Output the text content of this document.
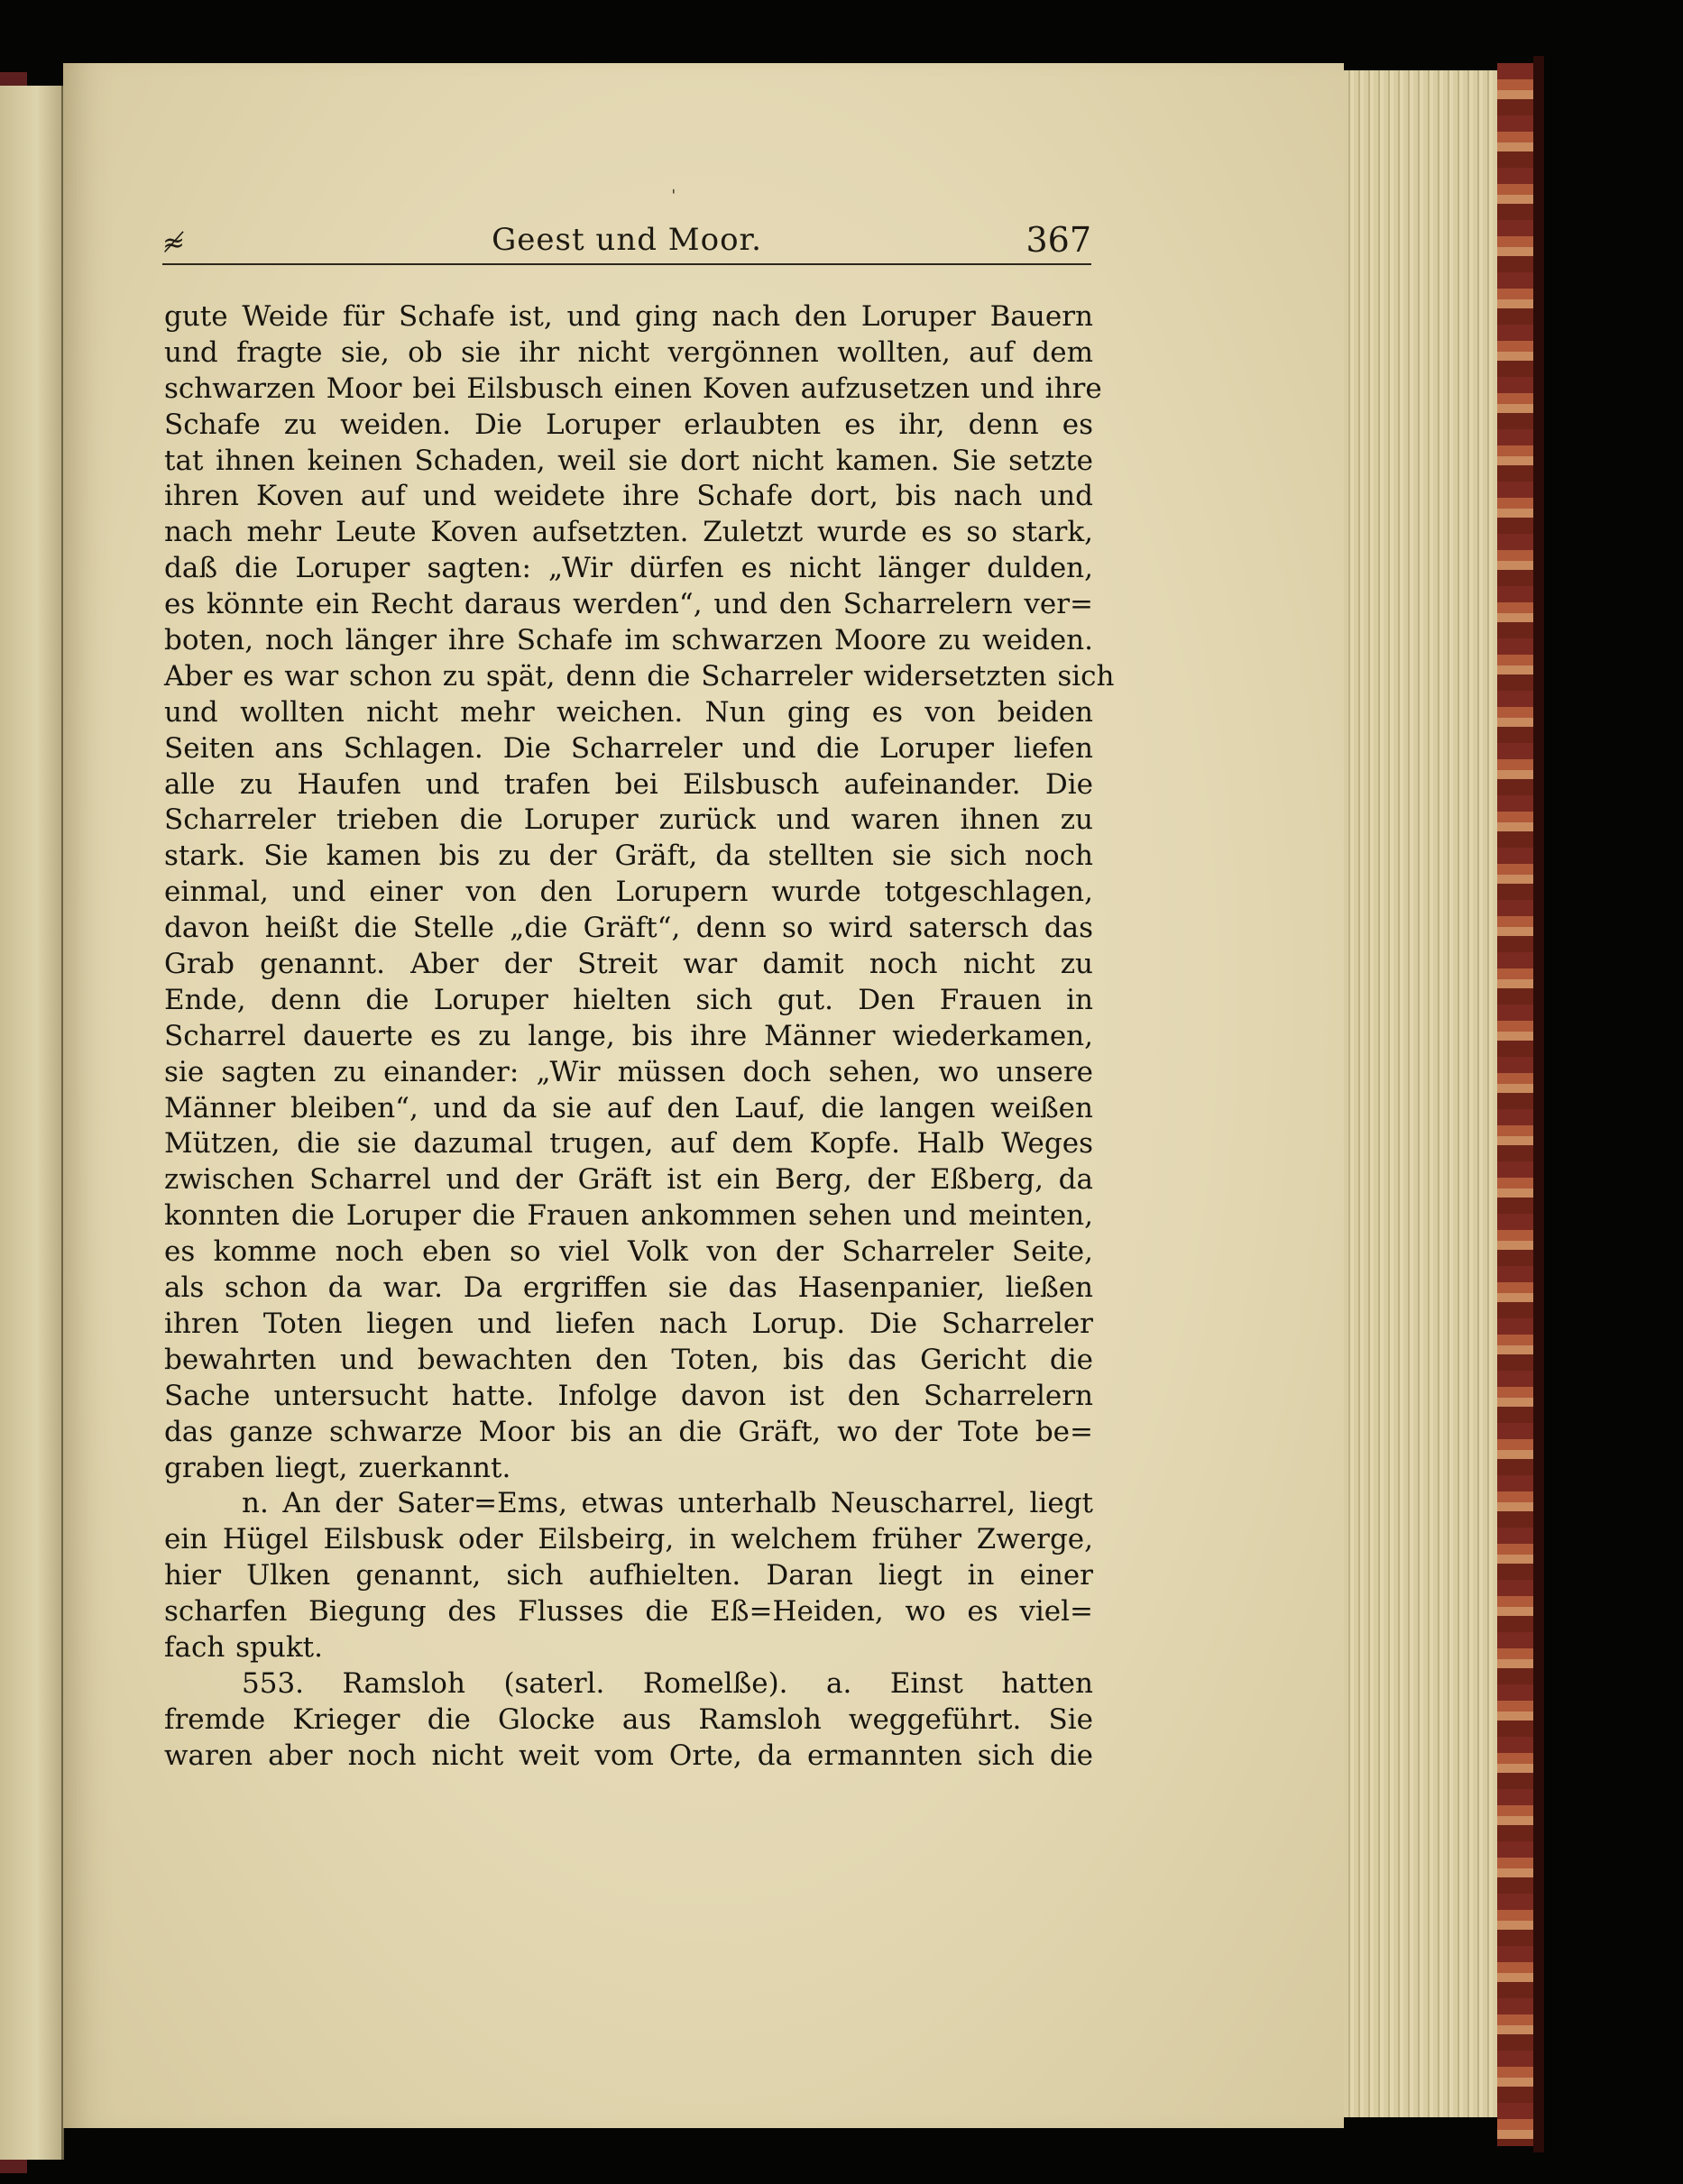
ˈ
≉	Geest und Moor.	367
gute Weide für Schafe ist, und ging nach den Loruper Bauern
und fragte sie, ob sie ihr nicht vergönnen wollten, auf dem
schwarzen Moor bei Eilsbusch einen Koven aufzusetzen und ihre
Schafe zu weiden. Die Loruper erlaubten es ihr, denn es
tat ihnen keinen Schaden, weil sie dort nicht kamen. Sie setzte
ihren Koven auf und weidete ihre Schafe dort, bis nach und
nach mehr Leute Koven aufsetzten. Zuletzt wurde es so stark,
daß die Loruper sagten: „Wir dürfen es nicht länger dulden,
es könnte ein Recht daraus werden“, und den Scharrelern ver=
boten, noch länger ihre Schafe im schwarzen Moore zu weiden.
Aber es war schon zu spät, denn die Scharreler widersetzten sich
und wollten nicht mehr weichen. Nun ging es von beiden
Seiten ans Schlagen. Die Scharreler und die Loruper liefen
alle zu Haufen und trafen bei Eilsbusch aufeinander. Die
Scharreler trieben die Loruper zurück und waren ihnen zu
stark. Sie kamen bis zu der Gräft, da stellten sie sich noch
einmal, und einer von den Lorupern wurde totgeschlagen,
davon heißt die Stelle „die Gräft“, denn so wird satersch das
Grab genannt. Aber der Streit war damit noch nicht zu
Ende, denn die Loruper hielten sich gut. Den Frauen in
Scharrel dauerte es zu lange, bis ihre Männer wiederkamen,
sie sagten zu einander: „Wir müssen doch sehen, wo unsere
Männer bleiben“, und da sie auf den Lauf, die langen weißen
Mützen, die sie dazumal trugen, auf dem Kopfe. Halb Weges
zwischen Scharrel und der Gräft ist ein Berg, der Eßberg, da
konnten die Loruper die Frauen ankommen sehen und meinten,
es komme noch eben so viel Volk von der Scharreler Seite,
als schon da war. Da ergriffen sie das Hasenpanier, ließen
ihren Toten liegen und liefen nach Lorup. Die Scharreler
bewahrten und bewachten den Toten, bis das Gericht die
Sache untersucht hatte. Infolge davon ist den Scharrelern
das ganze schwarze Moor bis an die Gräft, wo der Tote be=
graben liegt, zuerkannt.
n. An der Sater=Ems, etwas unterhalb Neuscharrel, liegt
ein Hügel Eilsbusk oder Eilsbeirg, in welchem früher Zwerge,
hier Ulken genannt, sich aufhielten. Daran liegt in einer
scharfen Biegung des Flusses die Eß=Heiden, wo es viel=
fach spukt.
553. Ramsloh (saterl. Romelße). a. Einst hatten
fremde Krieger die Glocke aus Ramsloh weggeführt. Sie
waren aber noch nicht weit vom Orte, da ermannten sich die
